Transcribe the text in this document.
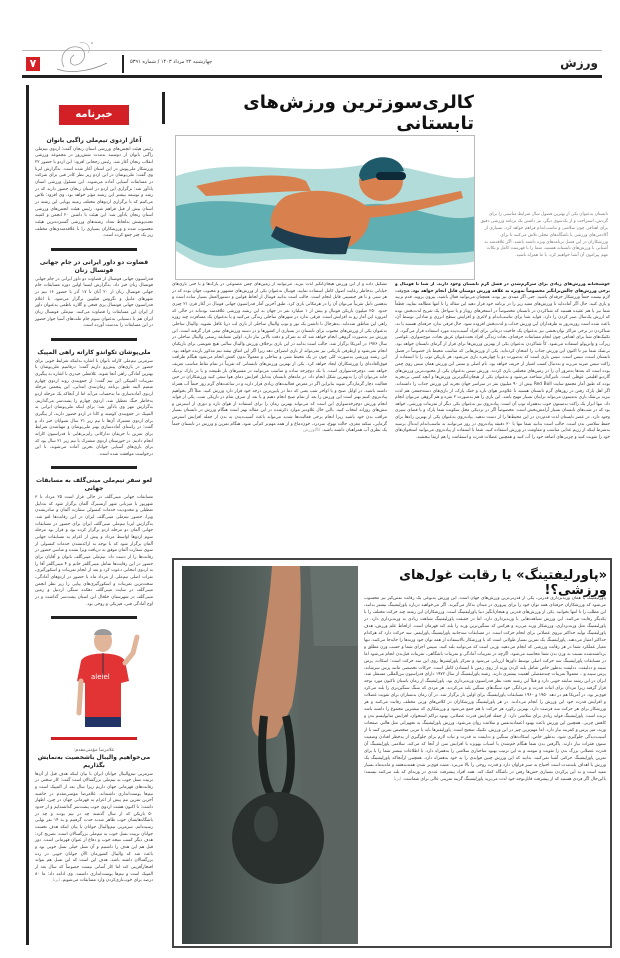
۷	چهارشنبه ۲۲ مرداد ۱۴۰۳ / شماره ۵۳۹۱	ورزش
خبرنامه
آغاز اردوی تیم‌ملی راگبی بانوان

رئیس هیئت انجمن‌های ورزشی استان زنجان گفت: اردوی تیم‌ملی راگبی بانوان از دوشنبه به‌مدت شش‌روز در مجموعه ورزشی انقلاب زنجان آغاز شد. رئیس رجحانی افزود: این اردو با حضور ۲۲ ورزشکار ملی‌پوش در این استان آغاز شده است. به‌گزارش ایرنا وی گفت: ملی‌پوشان در این اردو زیر نظر کادر فنی برای شرکت در مسابقات آسیایی آماده می‌شوند. این مسئول ورزشی استان یادآور شد: برگزاری این اردو در استان زنجان حضور دارند که در رشد و توسعه بیشتر این رشته مؤثر خواهد بود. وی افزود: تلاش می‌کنیم که با برگزاری اردوهای مختلف زمینه پویایی این رشته در استان بیش از قبل فراهم شود. رئیس هیئت انجمن‌های ورزشی استان زنجان یادآور شد: این هیئت با داشتن ۲۰ انجمن و کمیته تحت‌پوشش به‌لحاظ تعداد رشته‌های ورزشی گسترده‌ترین هیئت محسوب شده و ورزشکاران بسیاری را با علاقه‌مندی‌های مختلف زیر یک چتر جمع کرده است.

قضاوت دو داور ایرانی در جام جهانی فوتسال زنان

فدراسیون جهانی فوتسال از قضاوت دو داور ایرانی در جام جهانی فوتسال زنان خبر داد. به‌گزارش ایسنا اولین دوره مسابقات جام جهانی فوتسال زنان از ۲۰ آبان تا ۱۷ آذر با حضور ۱۶ تیم در شهرهای مانیل و نگروس فیلیپین برگزار می‌شود. با اعلام فدراسیون جهانی فوتسال پری فتحی و گلاره ناظمی به‌عنوان داور از ایران این مسابقات را قضاوت می‌کنند. تیم‌ملی فوتسال زنان ایران هم با دستیابی به‌عنوان سوم جام ملت‌های آسیا جواز حضور در این مسابقات را به‌دست آورده است.

ملی‌پوشان تکواندو کاراته راهی المپیک

سرمربی تیم‌ملی کاراته بانوان با اشاره به‌اینکه شرایط خوبی برای حضور در بازی‌های پیش‌رو داریم گفت: درفاتتیم ملی‌پوشان با بهترین آمادگی راهی آنجا شوند. غلامعلی حیدری با اشاره به پیگیری تمرینات المپیکی این تیم گفت: از جمع‌بندی روند اردوی چهارم شمیم البته طبق برنامه زمان‌بندی ابتدایی، این پنجمین مرحله اردوی آماده‌سازی ما به‌حساب می‌آید اما از آنجاکه یک مرحله اردو به‌خاطر جنگ تعطیل شد، اردوی چهارم را پشت‌سر می‌گذاریم. به‌گزارش مهر وی یادآور شد: برای اینکه ملی‌پوشان ایرانی به المپیک در جمع‌بندی کومیته و کاتا در اردو حضور دارند، از پیگیری برای اردوی مشترک آن‌ها با تیم زیر ۲۱ سال شنوایان خبر داد و گفت: در راستای آماده‌سازی بهتر ملی‌پوشان و مهیاشدن شرایط برای تمرین با حریفان تدارکاتی رایزنی‌هایی با فدراسیون کاراته انجام دادیم. در خوزستان اردوی مشترک با تیم زیر ۲۱ سال بود که برای بازی‌های آسیایی جوانان بحرین آماده می‌شوند، با این درخواست موافقت شده است.

لغو سفر تیم‌ملی مینی‌گلف به مسابقات جهانی

مسابقات جهانی مینی‌گلف در حالی قرار است ۲۵ مرداد تا ۳ شهریور با میزبانی شهر آرنسبرگ آلمان برگزار شود که به‌دلیل تعطیلی و محدودیت خدمات کنسولی سفارت آلمان و صادرنشدن ویزا، حضور تیم‌ملی مینی‌گلف ایران در این رقابت‌ها لغو شد. به‌گزارش ایرنا تیم‌ملی مینی‌گلف ایران برای حضور در مسابقات جهانی آلمان دو مرحله اردو برگزار کرده بود و قرار بود مرحله سوم اردوها اواسط مرداد و پیش از اعزام به مسابقات جهانی آلمان برگزار شود که با توجه به ارائه‌نشدن خدمات کنسولی از سوی سفارت آلمان موفق به دریافت ویزا نشده و شانس حضور در رقابت‌ها را از دست داد. تیم‌ملی مینی‌گلف بانوان و آقایان برای حضور در این رقابت‌ها شامل مینی‌گلفر خانم و ۴ مینی‌گلفر آقا را به اردوی انتخابی دعوت کرد و بعد از انجام تمرینات و اسکورگیری، نفرات اصلی تیم‌ملی از مرداد ماه با حضور در اردوهای آمادگی، سخت‌ترین تمرینات و اسکورگیری‌های پیاپی را زیر نظر انجمن مینی‌گلف در سایت مینی‌گلف دهکده سنگی اردبیل و زمین مینی‌گلف در شهرستان خلخال این استان پشت‌سر گذاشت و در اوج آمادگی فنی، فیزیکی و روحی بود.

alelel
غلامرضا مؤمنی‌مقدم:
می‌خواهیم والیبال باشخصیت به‌نمایش بگذاریم

سرمربی تیم‌والیبال جوانان ایران با بیان اینکه هدف قبل از آن‌ها تربیت نسل خوب به تیم‌ملی بزرگسالان است گفت: کار سختی در رقابت‌های قهرمانی جهان داریم زیرا سال بعد از المپیک است و تیم‌ها پوست‌اندازی داشته‌اند. غلامرضا مؤمنی‌مقدم در حاشیه آخرین تمرین تیم پیش از اعزام به قهرمانی جهان در چین، اظهار داشت: تا اکنون هشت اردوی خوب پشت‌سر گذاشته‌ایم و از حدود ۵۰ بازیکن که از سال گذشته چه در تیم بودند و چه در باشگاه‌هایشان خوب ظاهر شدند حدت گرفتیم و به ۱۴ نفر نهایی رسیده‌ایم. سرمربی تیم‌والیبال جوانان با بیان اینکه هدف نخست جوانان تربیت نسل خوب به تیم‌ملی بزرگسالان است، تصریح کرد: هدف دیگر کسب نتیجه خوب و دفاع از عنوان قهرمانی است. دور قبل هم این هدف را داشتیم و آن نسل خیلی نسل خوبی بود و باعث شد که والیبال کشورمان الآن جوانان خوبی در رده بزرگسالان داشته باشد. هدف این است که این نسل هم بتواند افتخارآفرینی کند اما کار آسانی نیست خصوصاً که سال بعد از المپیک است و تیم‌ها پوست‌اندازی داشتند. وی ادامه داد: ما ۸۰ درصد برای خوب‌بازی‌کردن وارد مسابقات می‌شویم. ایرنا

کالری‌سوزترین ورزش‌های تابستانی
تابستان به‌عنوان یکی از بهترین فصول سال شرایط مناسبی را برای گردش، استراحت و از یک‌سوی دیگر، نیز داشتن یک برنامه ورزشی دقیق برای اهدافی چون سلامتی و تناسب‌اندام فراهم خواهد کرد. بسیاری از آکادمی‌های ورزشی یا باشگاه‌های محلی تلاش می‌کنند تا برای ورزشکاران در این فصل برنامه‌های ویژه داشته باشند. اگر علاقه‌مند به آشنایی با ورزش‌های تابستانه هستید، شما را با فهرست کامل و نکات مهم پیرامون آن آشنا خواهیم کرد، با ما همراه باشید.
خوشبختانه ورزش‌های زیادی برای سرگرم‌شدن در فصل گرم تابستان وجود دارند. از شنا تا فوتبال و برخی ورزش‌های چالش‌برانگیز مخصوصاً به‌ویژه به علاقه ورزش دوستان قابل انجام خواهد بود. هیچ‌وقت لازم نیست حتماً ورزشکار حرفه‌ای باشید. حتی اگر مبتدی نیز بوده، همچنان می‌توانید فعال باشید، بیرون بروید، قدم بزنید و بازی کنید. حال اگر آماده‌اید تا ورزش‌های مفید زیر را در برنامه خود قرار دهید این مقاله را تا انتها مطالعه نمایید. قطعاً شما نیز با هم عقیده هستید که شناکردن در تابستان مخصوصاً در استخرهای روباز و یا سواحل یک تفریح لذت‌بخش بوده که ارزش یک‌سال صبر کردن را دارد. فواید شنا برای تناسب‌اندام و لاغری و افزایش سطح انرژی و شادابی توسط آن، باعث شده است روزبه‌روز به طرفداران این ورزش جذاب و لذت‌بخش افزوده شود. حال فرقی ندارد حرفه‌ای هستید یا نه، شناکردن در برخی مراکز توان‌بخشی نیز به‌عنوان یک جاخیت درمانی برای افراد آسیب‌دیده مورد استفاده قرار می‌گیرد. از تکنیک‌های شنا برای اهدافی چون انجام مسابقات حرفه‌ای، نجات زندگی افراد تحت‌عنوان غریق نجات، موج‌سواری، غواصی زیرآب و واترپولو استفاده می‌شود. کاً شناکردن به‌عنوان یکی از بهترین ورزش‌ها برای فرار از گرمای تابستان خواهد بود. بی‌شک شما نیز تا اکنون این ورزش جذاب را امتحان کرده‌اید. یکی از ورزش‌هایی که مناسب محیط باز خصوصاً در فصل تابستان است، تنیس است. تنیس بازی است که به‌صورت دو یا چهارنفره بازی می‌شود. هر بازیکن توپ را با استفاده از راکت تنیس ضربه می‌زند و به‌دنبال کسب امتیاز از حریف خواهد بود. نام اصلی و سنتی این ورزش همان تنیس روی چمن بوده است که بعدها به‌مرور آن را در زمین‌های مختلفی بازی کردند. ورزش تنیس به‌عنوان یکی از محبوب‌ترین ورزش‌های گاردیو اقلیمی عوقلی است. تاثیرگذار شناخته می‌شود و به‌عنوان یکی از هیجان‌انگیزترین ورزش‌ها و آنچه کسی بی‌تجربه بوده که طبق آمار مجتمع سایت Red Bull بیش از ۹۰ میلیون نفر در سراسر جهان تجربه این ورزش جذاب را داشته‌اند. اگر اهل پارک رفتن در روزهای گرم تابستان هستید تا علاوه‌بر هوای تازه و خنک پارک، از بازی‌های دسته‌جمعی هم لذت ببرید بی‌شک بازی بدمینتون می‌تواند برایتان بسیار مهیج باشد. این بازی را هم به‌صورت ۲ نفره و هم گروهی می‌توان انجام داد. تنها ابزار یک راکت بدمینتون خوب به‌همراه توپ آن است. پیاده‌روی نیز به‌عنوان یکی دیگر از تمرینات ورزشی، خواهد بود که در شب‌های تابستان بسیار آرامش‌بخش است. مخصوصاً اگر در نزدیکی محل سکونت شما پارک و یا فضای سبزی وجود دارد. در عصر تابستان لذت قدم‌زدن در این محیط‌ها را از دست ندهید. پیاده‌روی به‌عنوان یکی از بهترین راه‌ها برای حفظ سلامتی بدن است. جالب است بدانید شما تنها با ۳۰ دقیقه پیاده‌روی در روز می‌توانید به تناسب‌اندام ایده‌آل برسید به‌شرط اینکه از رژیم غذایی مناسب و مقاومت در ورزش استفاده کنید. شما با استفاده از پیاده‌روی می‌توانید استخوان‌های خود را تقویت کنید و چربی‌های اضافه خود را آب کنید و همچنین عضلات قدرت و استقامت را هم ارتقا ببخشید.
تشکیل داده و از این ورزش هیجان‌انگیز لذت ببرید. می‌توانید از زمین‌های چمن مصنوعی در پارک‌ها و یا حتی بازی‌های خیابانی به‌خاطر رعایت اصول کامل استفاده نمایید. فوتبال به‌عنوان یکی از ورزش‌های مشهور و محبوب جهان بوده که در هر سنی و با هر جنسیتی قابل انجام است. جالب است بدانید فوتبال از لحاظ قوانین و دستورالعمل بسیار ساده است و به‌همین دلیل تقریباً می‌توان آن را در هرمکانی بازی کرد. طبق آخرین آمار فدراسیون جهانی فوتبال در آغاز قرن ۲۱ چیزی حدود ۲۵۰ میلیون بازیکن فوتبال و بیش از ۱ میلیارد نفر در جهان به این رشته ورزشی علاقه‌مند بوده‌اند در حالی که امروزه این آمار رو به افزایش است. فرقی ندارد در شهرهای ساحلی زندگی می‌کنید و یا به‌عنوان یک مسافرت چند روزه راهی این مناطق شده‌اید. به‌هرحال با داشتن یک تور و توپ والیبال ساحلی از بازی لب دریا غافل نشوید. والیبال ساحلی به‌عنوان یکی از ورزش‌های محبوب برای تابستان در بسیاری از کشورها و در دسته ورزش‌های تیمی قرار گرفته است. این ورزش نیز به‌صورت گروهی انجام خواهد شد که به تمرکز و دقت بالایی نیاز دارد. اولین مسابقه رسمی والیبال ساحلی در سال ۱۹۷۶ در آمریکا برگزار شد. جالب است بدانید در این بازی برخلاف ورزش والیبال سالنی هیچ تعویضی برای بازیکنان انجام نمی‌شود و ازطرفی بازیکنی نیز نمی‌تواند از بازی انصراف دهد زیرا اگر این اتفاق بیفتد تیم مذکور بازنده خواهد بود. این رشته ورزشی به‌صورت کلی چون در یک محیط شنی و ساحلی و معمولاً بدون کفش انجام می‌شود هنگام ظرافت فوق‌العاده‌ای را ورزشکاران ایجاد خواهد کرد. یکی از بهترین ورزش‌های تابستانی که تقریباً در تمام نقاط مناسب تعریف خواهد شد، دوچرخه‌سواری است. با یک دوچرخه ساده و مناسب می‌توانید در مسیرهای باز طبیعت و یا در پارک نزدیک خانه می‌توان آن را به‌بهترین شکل انجام داد. در ماه‌های تابستان به‌دلیل افزایش دمای هوا سعی کنید ورزشکاران در حین فعالیت دچار گرمازدگی شوند بنابراین اگر در معرض فعالیت‌های زیادی قرار دارید و در ساعت‌های گرم روز حتماً آب همراه داشته باشید. در اوایل صبح و یا اواخر شب یعنی که دما در پایین‌ترین درجه خود قرار دارد ورزش کنید. مثلاً اگر بخواهیم پیاده‌روی کنیم بهتر است این ورزش را بعد از تمام صبح انجام دهیم و یا بعد از صرف شام در تاریکی شب. یکی از فواید انجام ورزش دوچرخه‌سواری این است که می‌تواند بهترین زمان را برای استفاده از هوای تازه و دوری از استرس و تنش‌های روزانه انتخاب کنید. بااین حال علاوه‌بر موارد ذکرشده در این مقاله بهتر است هنگام ورزش در تابستان بسیار مراقب بدن خود باشید زیرا انجام برخی فعالیت‌ها شدید می‌تواند باعث آسیب‌دیدن به بدن از جمله افزایش استرس گرمایی، سکته مغزی، حالت تهوع، سردرد، خون‌دماغ و از همه مهم‌تر کم‌آبی شود. هنگام تمرین و ورزش در تابستان حتماً یک بطری آب همراهتان داشته باشید. کالاورزش
«پاورلیفتینگ» یا رقابت غول‌های ورزشی؟!
پاورلیفتینگ یا همان وزنه‌برداری قدرتی، یکی از قدرتی‌ترین ورزش‌های جهان است. این ورزش به‌نوعی یک رقابت نفس‌گیر نیز محسوب می‌شود که ورزشکاران حرفه‌ای همه توان خود را برای پیروزی در میدان به‌کار می‌گیرند. اگر می‌خواهید درباره پاورلیفتینگ بیشتر بدانید، این مطلب را تا انتها بخوانید. یکی از ورزش‌های قدرتی و هیجان‌انگیز دنیا پاورلیفتینگ است. ورزشکاران این رشته چند حرکت مختلف را با یکدیگر رقابت می‌کنند. این ورزش شباهت‌هایی با وزنه‌برداری دارد، اما در حقیقت پاورلیفتینگ شباهت زیادی به وزنه‌برداری دارد. در پاورلیفتینگ مثل وزنه‌برداری، ورزشکار وزنه می‌زند و هرکس که سنگین‌ترین وزنه را بلند کند قهرمان است. ازلحاظ علم ورزش، هدف پاورلیفتینگ تولید حداکثر نیروی عضلانی برای انجام حرکت است. در مسابقات سه‌جانبه پاورلیفتینگ پاورلیفتر، سه حرکت دارد که هرکدام حداکثر امتیاز می‌دهند. پاورلیفتینگ یک تمرین بسیار طولانی است که با ورزشکار بالاستفاده از همه توان خود وزنه‌ها را جابه‌جا می‌کنند. تنها معیار عملکرد شما در هر رقابت ورزشی که انجام می‌دهید، وزنی است که می‌توانید بلند کنید. سپس اجرای شما و حسب وزن مطلق و برداشته‌شده نسبت به وزن بدن شما محاسبه می‌شود. اگرچه در تمرینات آمادگی و تمرینات باشگاهی، تمرینات قبل‌بدن انجام می‌شود اما در مسابقات پاورلیفتینگ سه حرکت اصلی توسط داورها ارزیابی می‌شود و تمرکز پاورلیفترها روی این سه حرکت است: اسکات، پرس سینه و ددلیفت. ددلیفت به‌طور خاص شامل بلند کردن وزنه از روی زمین تا ایستادن کامل است. حرکات تخصصی مانند پرس سرشانه، پرس سینه و... معمولاً تمرینات چندمفصلی اهمیت بیشتری دارند. رشته پاورلیفتینگ از سال ۱۹۷۲ دارای فدراسیون بین‌المللی مستقل شد. ایران در این رشته سابقه خوبی دارد و قبلاً این رشته تحت نظر فدراسیون وزنه‌برداری بود. پاورلیفتینگ از زمان باستان تاکنون مورد توجه قرار گرفته زیرا مردان برای اثبات قدرت و مردانگی خود سنگ‌های سنگین بلند می‌کردند. هر مردی که سنگ سنگین‌تری را بلند می‌کرد قوی‌تر بود. در آمریکا هم در دهه ۱۹۵۰ و ۱۹۶۰ مسابقات پاورلیفتینگ برای اولین بار برگزار شد. در آن زمان بدنسازان برای تقویت عضلات و افزایش قدرت خود این ورزش را انجام می‌دادند. در هر پاورلیفتینگ ورزشکاران در کلاس‌های وزنی مختلف رقابت می‌کنند و هر ورزشکار برای هر حرکت سه فرصت دارد. بهترین رکورد هر حرکت با هم جمع می‌شود و ورزشکاری که بیشترین مجموع را داشته باشد برنده است. پاورلیفتینگ فواید زیادی برای سلامتی دارد. از جمله افزایش قدرت عضلانی، بهبود تراکم استخوان، افزایش متابولیسم بدن و کاهش چربی. همچنین این ورزش باعث بهبود اعتمادبه‌نفس و سلامت روان می‌شود. ورزش پاورلیفتینگ به تجهیزاتی مثل هالتر، صفحات وزنه، میز پرس و کمربند نیاز دارد. اما مهم‌ترین چیز در این ورزش، تکنیک صحیح است. پاورلیفترها باید با مربی متخصص تمرین کنند تا از آسیب‌دیدگی جلوگیری شود. به‌طور خاص، اسکات‌های سنگین و ددلیفت به قدرت و ثبات لازم برای جلوگیری از به‌خطر افتادن وضعیت ستون فقرات نیاز دارند. پاگرفتن بدن شما هنگام خم‌شدن با اسباب بهویژه با افزایش سن از آنجا که می‌کند. سلامتی پاورلیفتینگ آن قدرت عضلانی بزرگ بدن را تقویت و تنومند و به این ترتیب بهبود ساختاری سلامتی را به‌همراه دارد. با اطلاعات بیشتر شما را با برای تمرین پاورلیفتینگ حرکتی آشنا نمی‌کنید، بدانید که این ورزش چنین فوایدی را به خود به‌همراه دارد. همچنین ازآنجاکه پاورلیفتینگ یک ورزش با اهداف بلندمدت است احتیاج به صبر فراوان دارد و قدرت روحی را بالا می‌برد. مثبت قوی‌تر شدن هفته‌به‌هفته و ماه‌به‌ماه بسیار مفید است و به این پرکردن بسیاری حس‌ها رفتن در باشگاه کمک کند. همه افراد پیشرفت عددی در وزنه‌ای که بلند می‌کنند نیستند؛ بااین‌حال اگر فردی هستید که از پیشرفت قابل‌توجه خود لذت می‌برید پاورلیفتینگ گزینه تمرینی عالی برای شماست. ایرنا
